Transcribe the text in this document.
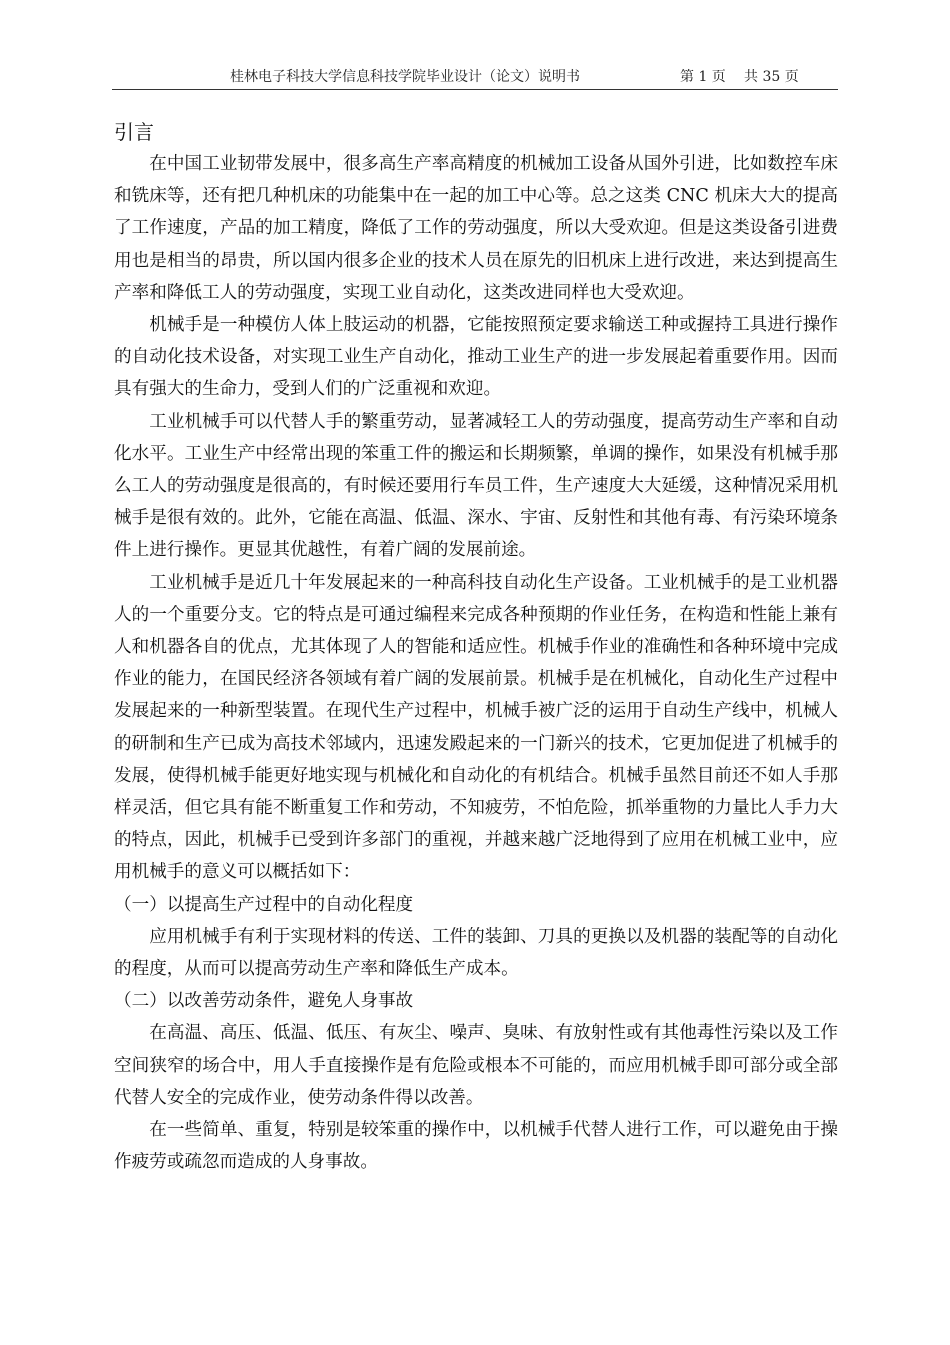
桂林电子科技大学信息科技学院毕业设计（论文）说明书	第 1 页 共 35 页
引言

在中国工业韧带发展中，很多高生产率高精度的机械加工设备从国外引进，比如数控车床和铣床等，还有把几种机床的功能集中在一起的加工中心等。总之这类 CNC 机床大大的提高了工作速度，产品的加工精度，降低了工作的劳动强度，所以大受欢迎。但是这类设备引进费用也是相当的昂贵，所以国内很多企业的技术人员在原先的旧机床上进行改进，来达到提高生产率和降低工人的劳动强度，实现工业自动化，这类改进同样也大受欢迎。

机械手是一种模仿人体上肢运动的机器，它能按照预定要求输送工种或握持工具进行操作的自动化技术设备，对实现工业生产自动化，推动工业生产的进一步发展起着重要作用。因而具有强大的生命力，受到人们的广泛重视和欢迎。

工业机械手可以代替人手的繁重劳动，显著减轻工人的劳动强度，提高劳动生产率和自动化水平。工业生产中经常出现的笨重工件的搬运和长期频繁，单调的操作，如果没有机械手那么工人的劳动强度是很高的，有时候还要用行车员工件，生产速度大大延缓，这种情况采用机械手是很有效的。此外，它能在高温、低温、深水、宇宙、反射性和其他有毒、有污染环境条件上进行操作。更显其优越性，有着广阔的发展前途。

工业机械手是近几十年发展起来的一种高科技自动化生产设备。工业机械手的是工业机器人的一个重要分支。它的特点是可通过编程来完成各种预期的作业任务，在构造和性能上兼有人和机器各自的优点，尤其体现了人的智能和适应性。机械手作业的准确性和各种环境中完成作业的能力，在国民经济各领域有着广阔的发展前景。机械手是在机械化，自动化生产过程中发展起来的一种新型装置。在现代生产过程中，机械手被广泛的运用于自动生产线中，机械人的研制和生产已成为高技术邻域内，迅速发殿起来的一门新兴的技术，它更加促进了机械手的发展，使得机械手能更好地实现与机械化和自动化的有机结合。机械手虽然目前还不如人手那样灵活，但它具有能不断重复工作和劳动，不知疲劳，不怕危险，抓举重物的力量比人手力大的特点，因此，机械手已受到许多部门的重视，并越来越广泛地得到了应用在机械工业中，应用机械手的意义可以概括如下：

（一）以提高生产过程中的自动化程度

应用机械手有利于实现材料的传送、工件的装卸、刀具的更换以及机器的装配等的自动化的程度，从而可以提高劳动生产率和降低生产成本。

（二）以改善劳动条件，避免人身事故

在高温、高压、低温、低压、有灰尘、噪声、臭味、有放射性或有其他毒性污染以及工作空间狭窄的场合中，用人手直接操作是有危险或根本不可能的，而应用机械手即可部分或全部代替人安全的完成作业，使劳动条件得以改善。

在一些简单、重复，特别是较笨重的操作中，以机械手代替人进行工作，可以避免由于操作疲劳或疏忽而造成的人身事故。
